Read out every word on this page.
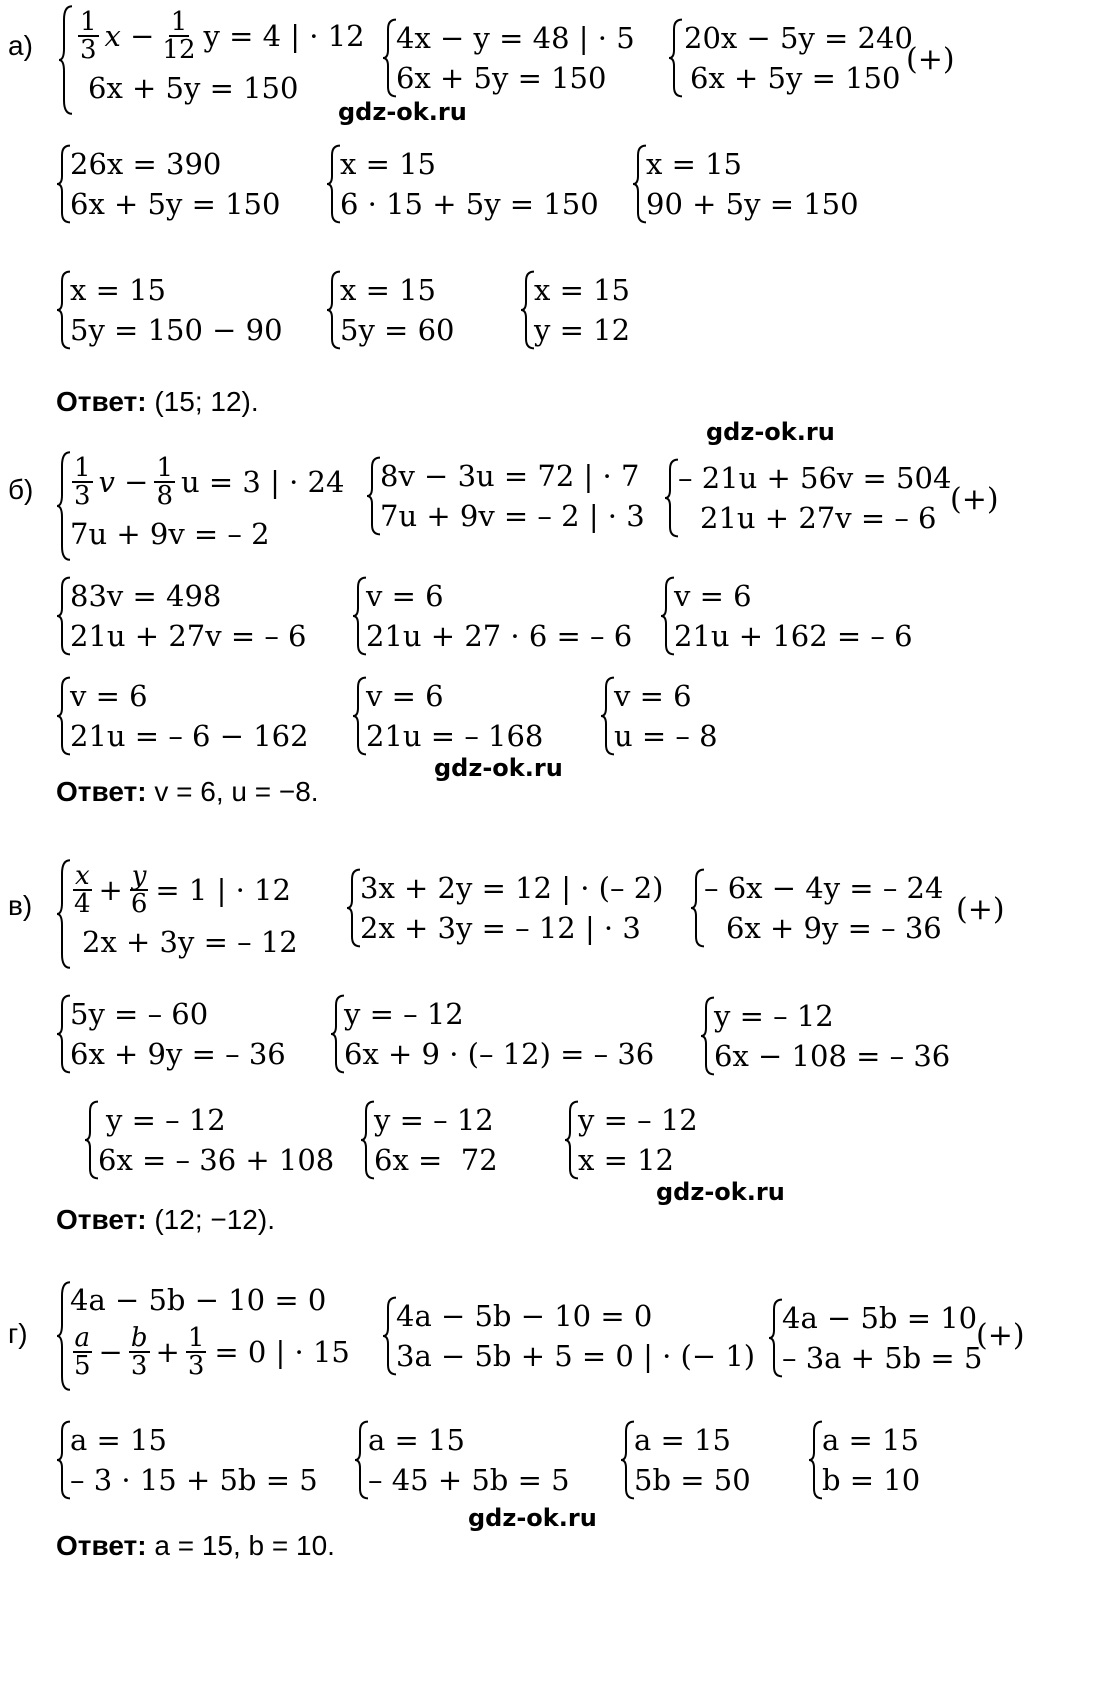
$а) \frac{1}{3}$ $x - \frac{1}{12}$ y = 4 | · 12
6x + 5y = 150
4x − y = 48 | · 5
6x + 5y = 150
20x − 5y = 240
6x + 5y = 150
(+)
gdz-ok.ru
26x = 390
6x + 5y = 150
x = 15
6 · 15 + 5y = 150
x = 15
90 + 5y = 150
x = 15
5y = 150 − 90
x = 15
5y = 60
x = 15
y = 12
Ответ: (15; 12).
gdz-ok.ru
$б) \frac{1}{3}$ $v - \frac{1}{8}$ u = 3 | · 24
7u + 9v = – 2
8v − 3u = 72 | · 7
7u + 9v = – 2 | · 3
– 21u + 56v = 504
21u + 27v = – 6
(+)
83v = 498
21u + 27v = – 6
v = 6
21u + 27 · 6 = – 6
v = 6
21u + 162 = – 6
v = 6
21u = – 6 − 162
v = 6
21u = – 168
v = 6
u = – 8
gdz-ok.ru
Ответ: v = 6, u = −8.
$в) \frac{x}{4} + \frac{y}{6} = 1$ | · 12
2x + 3y = – 12
3x + 2y = 12 | · (– 2)
2x + 3y = – 12 | · 3
– 6x − 4y = – 24
6x + 9y = – 36
(+)
5y = – 60
6x + 9y = – 36
y = – 12
6x + 9 · (– 12) = – 36
y = – 12
6x − 108 = – 36
y = – 12
6x = – 36 + 108
y = – 12
6x =  72
y = – 12
x = 12
gdz-ok.ru
Ответ: (12; −12).
г)
4a − 5b − 10 = 0
$\frac{a}{5} - \frac{b}{3} + \frac{1}{3} = 0$ | · 15
4a − 5b − 10 = 0
3a − 5b + 5 = 0 | · (− 1)
4a − 5b = 10
– 3a + 5b = 5
(+)
a = 15
– 3 · 15 + 5b = 5
a = 15
– 45 + 5b = 5
a = 15
5b = 50
a = 15
b = 10
gdz-ok.ru
Ответ: a = 15, b = 10.
